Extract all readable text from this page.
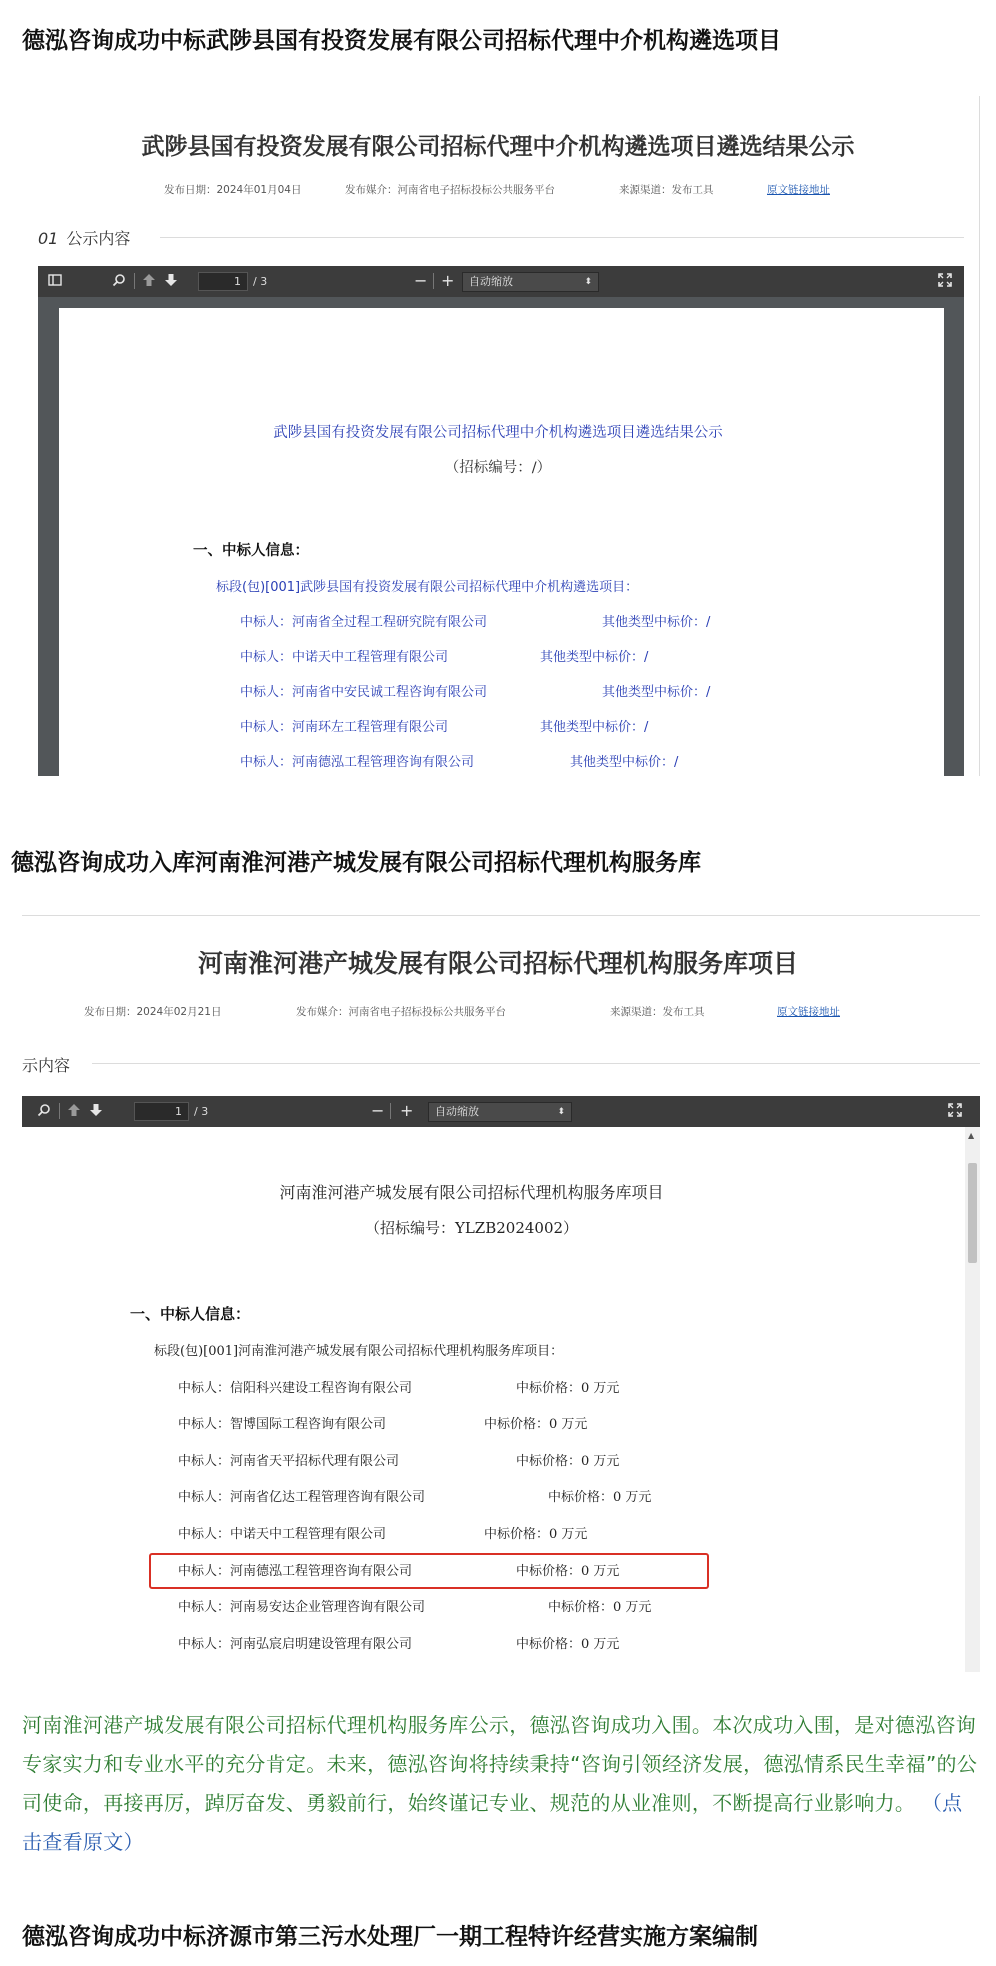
德泓咨询成功中标武陟县国有投资发展有限公司招标代理中介机构遴选项目
武陟县国有投资发展有限公司招标代理中介机构遴选项目遴选结果公示
发布日期：2024年01月04日	发布媒介：河南省电子招标投标公共服务平台	来源渠道：发布工具	原文链接地址
01 公示内容
1	/ 3	− +	自动缩放	⬍
武陟县国有投资发展有限公司招标代理中介机构遴选项目遴选结果公示
（招标编号：/）
一、中标人信息：
标段(包)[001]武陟县国有投资发展有限公司招标代理中介机构遴选项目：
中标人：河南省全过程工程研究院有限公司	其他类型中标价：/
中标人：中诺天中工程管理有限公司	其他类型中标价：/
中标人：河南省中安民诚工程咨询有限公司	其他类型中标价：/
中标人：河南环左工程管理有限公司	其他类型中标价：/
中标人：河南德泓工程管理咨询有限公司	其他类型中标价：/
德泓咨询成功入库河南淮河港产城发展有限公司招标代理机构服务库
河南淮河港产城发展有限公司招标代理机构服务库项目
发布日期：2024年02月21日	发布媒介：河南省电子招标投标公共服务平台	来源渠道：发布工具	原文链接地址
示内容
1	/ 3	− +	自动缩放	⬍
▲
河南淮河港产城发展有限公司招标代理机构服务库项目
（招标编号：YLZB2024002）
一、中标人信息：
标段(包)[001]河南淮河港产城发展有限公司招标代理机构服务库项目：
中标人：信阳科兴建设工程咨询有限公司	中标价格：0 万元
中标人：智博国际工程咨询有限公司	中标价格：0 万元
中标人：河南省天平招标代理有限公司	中标价格：0 万元
中标人：河南省亿达工程管理咨询有限公司	中标价格：0 万元
中标人：中诺天中工程管理有限公司	中标价格：0 万元
中标人：河南德泓工程管理咨询有限公司	中标价格：0 万元
中标人：河南易安达企业管理咨询有限公司	中标价格：0 万元
中标人：河南弘宸启明建设管理有限公司	中标价格：0 万元
河南淮河港产城发展有限公司招标代理机构服务库公示，德泓咨询成功入围。本次成功入围，是对德泓咨询专家实力和专业水平的充分肯定。未来，德泓咨询将持续秉持“咨询引领经济发展，德泓情系民生幸福”的公司使命，再接再厉，踔厉奋发、勇毅前行，始终谨记专业、规范的从业准则，不断提高行业影响力。 （点击查看原文）
德泓咨询成功中标济源市第三污水处理厂一期工程特许经营实施方案编制
